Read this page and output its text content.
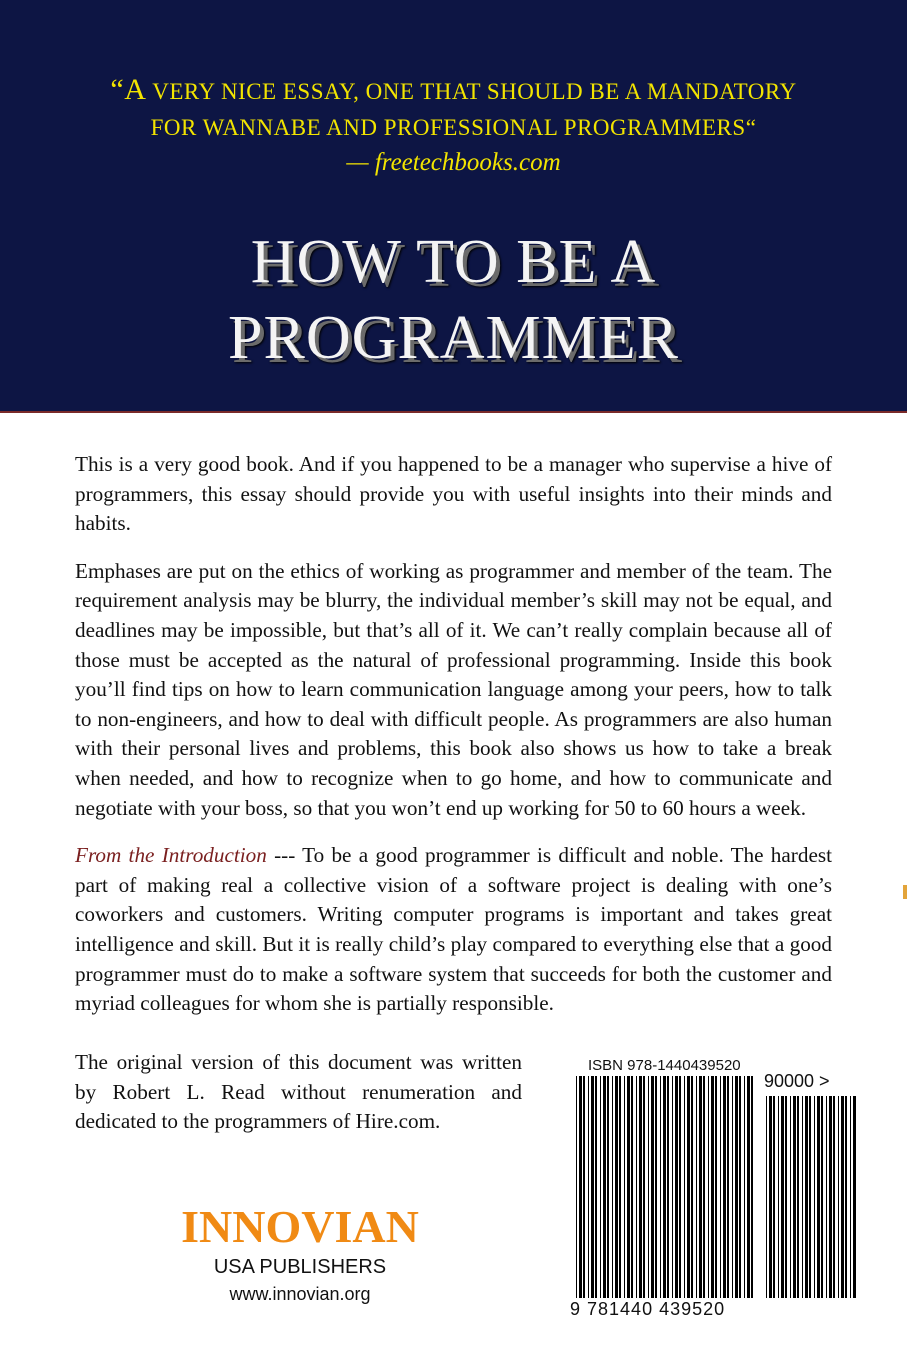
“A VERY NICE ESSAY, ONE THAT SHOULD BE A MANDATORY
FOR WANNABE AND PROFESSIONAL PROGRAMMERS“
— freetechbooks.com
HOW TO BE A
PROGRAMMER

This is a very good book. And if you happened to be a manager who supervise a hive of programmers, this essay should provide you with useful insights into their minds and habits.

Emphases are put on the ethics of working as programmer and member of the team. The requirement analysis may be blurry, the individual member’s skill may not be equal, and deadlines may be impossible, but that’s all of it. We can’t really complain because all of those must be accepted as the natural of professional programming. Inside this book you’ll find tips on how to learn communication language among your peers, how to talk to non-engineers, and how to deal with difficult people. As programmers are also human with their personal lives and problems, this book also shows us how to take a break when needed, and how to recognize when to go home, and how to communicate and negotiate with your boss, so that you won’t end up working for 50 to 60 hours a week.

From the Introduction --- To be a good programmer is difficult and noble. The hardest part of making real a collective vision of a software project is dealing with one’s coworkers and customers. Writing computer programs is important and takes great intelligence and skill. But it is really child’s play compared to everything else that a good programmer must do to make a software system that succeeds for both the customer and myriad colleagues for whom she is partially responsible.

The original version of this document was written by Robert L. Read without renumeration and dedicated to the programmers of Hire.com.

INNOVIAN
USA PUBLISHERS
www.innovian.org
ISBN 978-1440439520
90000 >
9 781440 439520
